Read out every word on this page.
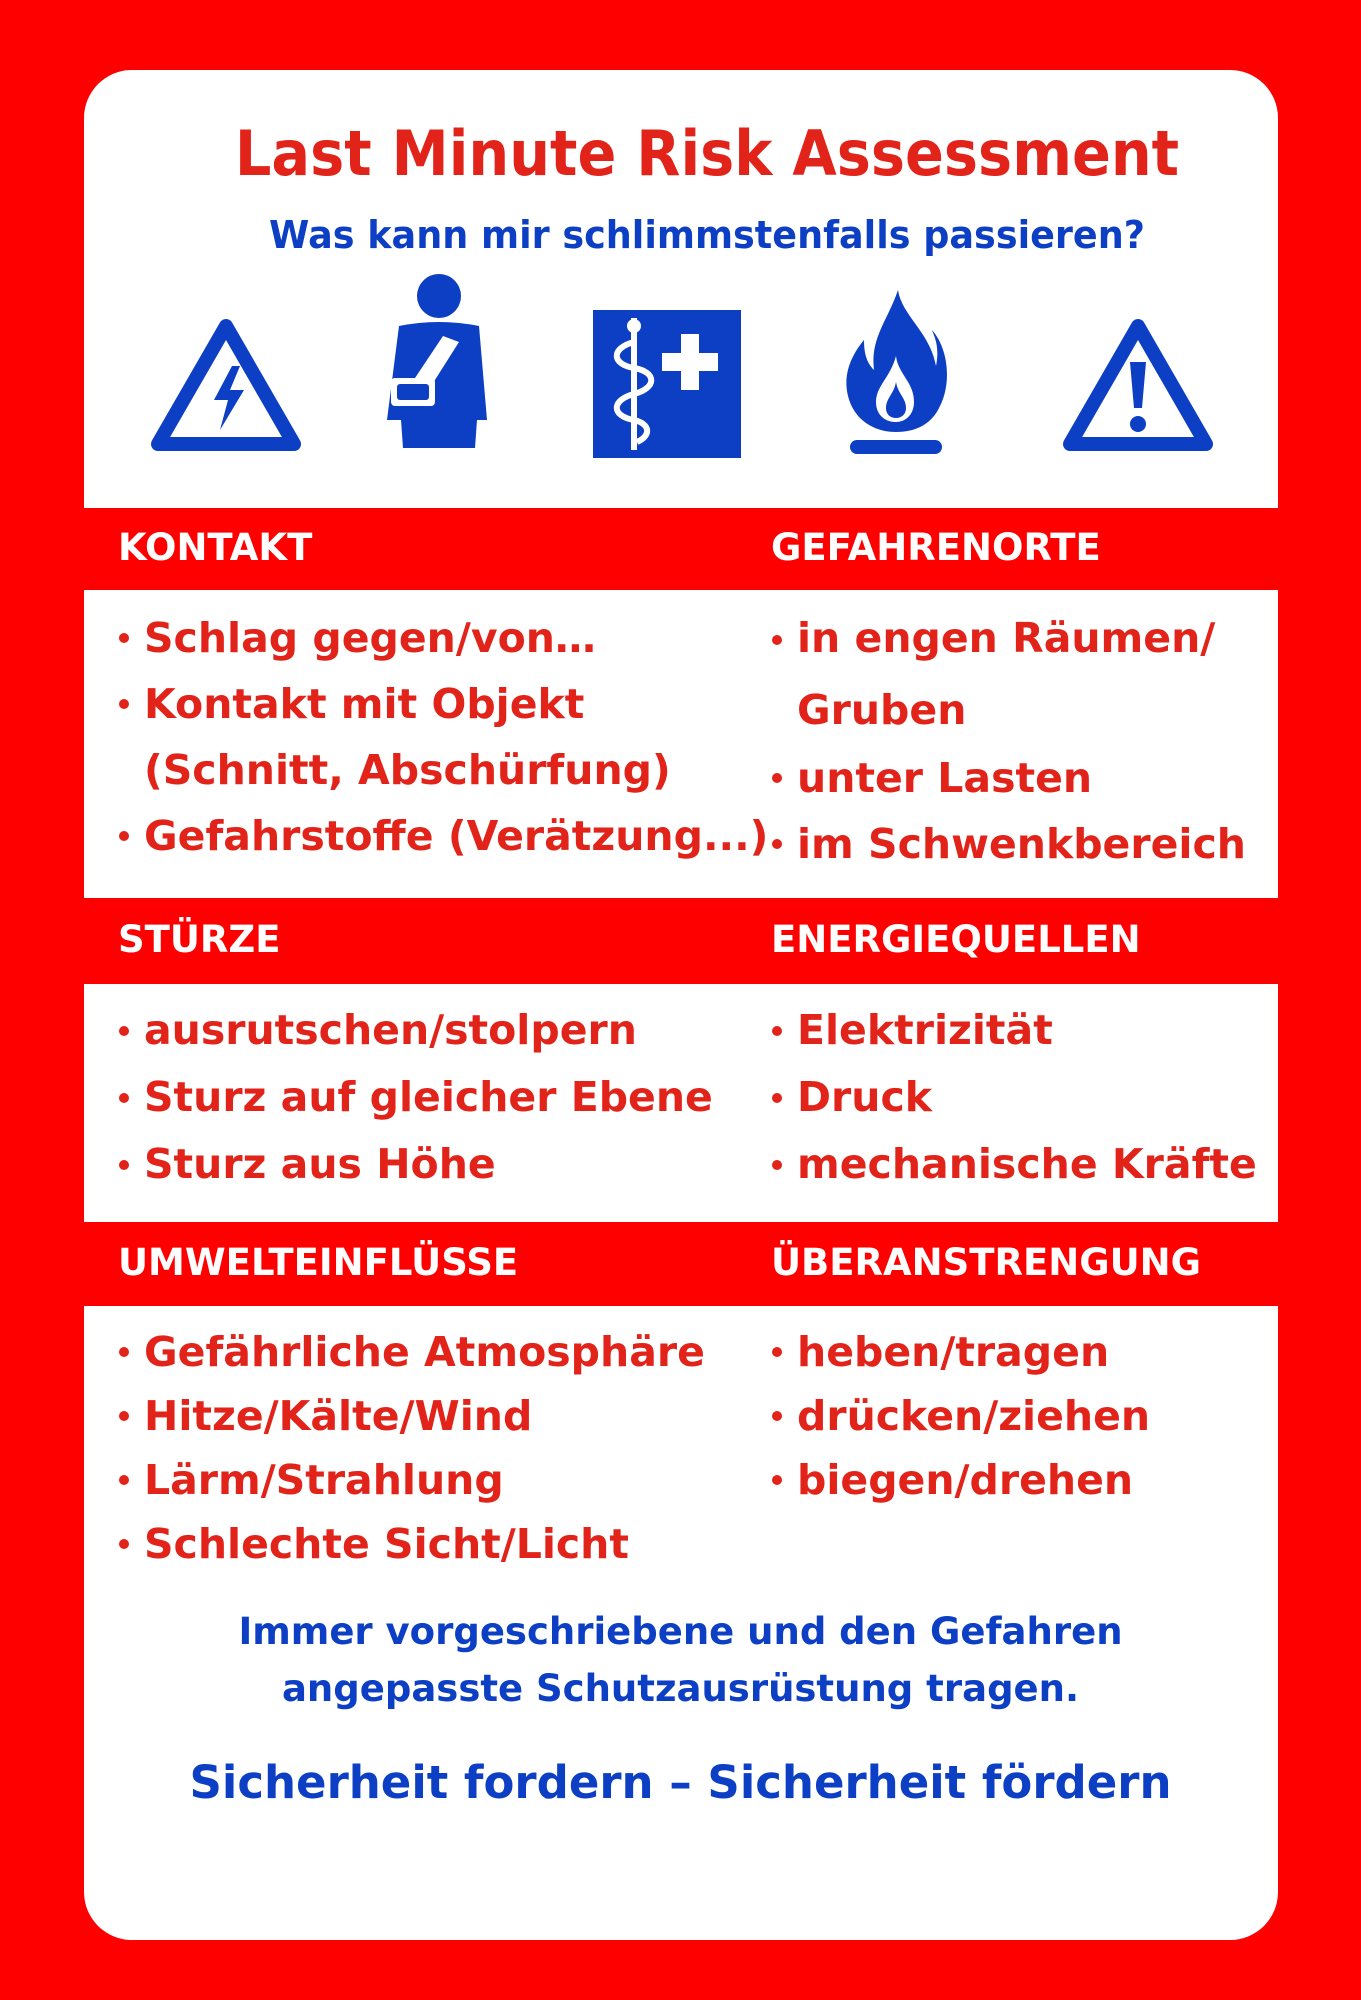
Last Minute Risk Assessment
Was kann mir schlimmstenfalls passieren?
KONTAKT	GEFAHRENORTE
Schlag gegen/von…
Kontakt mit Objekt
(Schnitt, Abschürfung)
Gefahrstoffe (Verätzung...)
in engen Räumen/
Gruben
unter Lasten
im Schwenkbereich
STÜRZE	ENERGIEQUELLEN
ausrutschen/stolpern
Sturz auf gleicher Ebene
Sturz aus Höhe
Elektrizität
Druck
mechanische Kräfte
UMWELTEINFLÜSSE	ÜBERANSTRENGUNG
Gefährliche Atmosphäre
Hitze/Kälte/Wind
Lärm/Strahlung
Schlechte Sicht/Licht
heben/tragen
drücken/ziehen
biegen/drehen

Immer vorgeschriebene und den Gefahren

angepasste Schutzausrüstung tragen.

Sicherheit fordern – Sicherheit fördern
